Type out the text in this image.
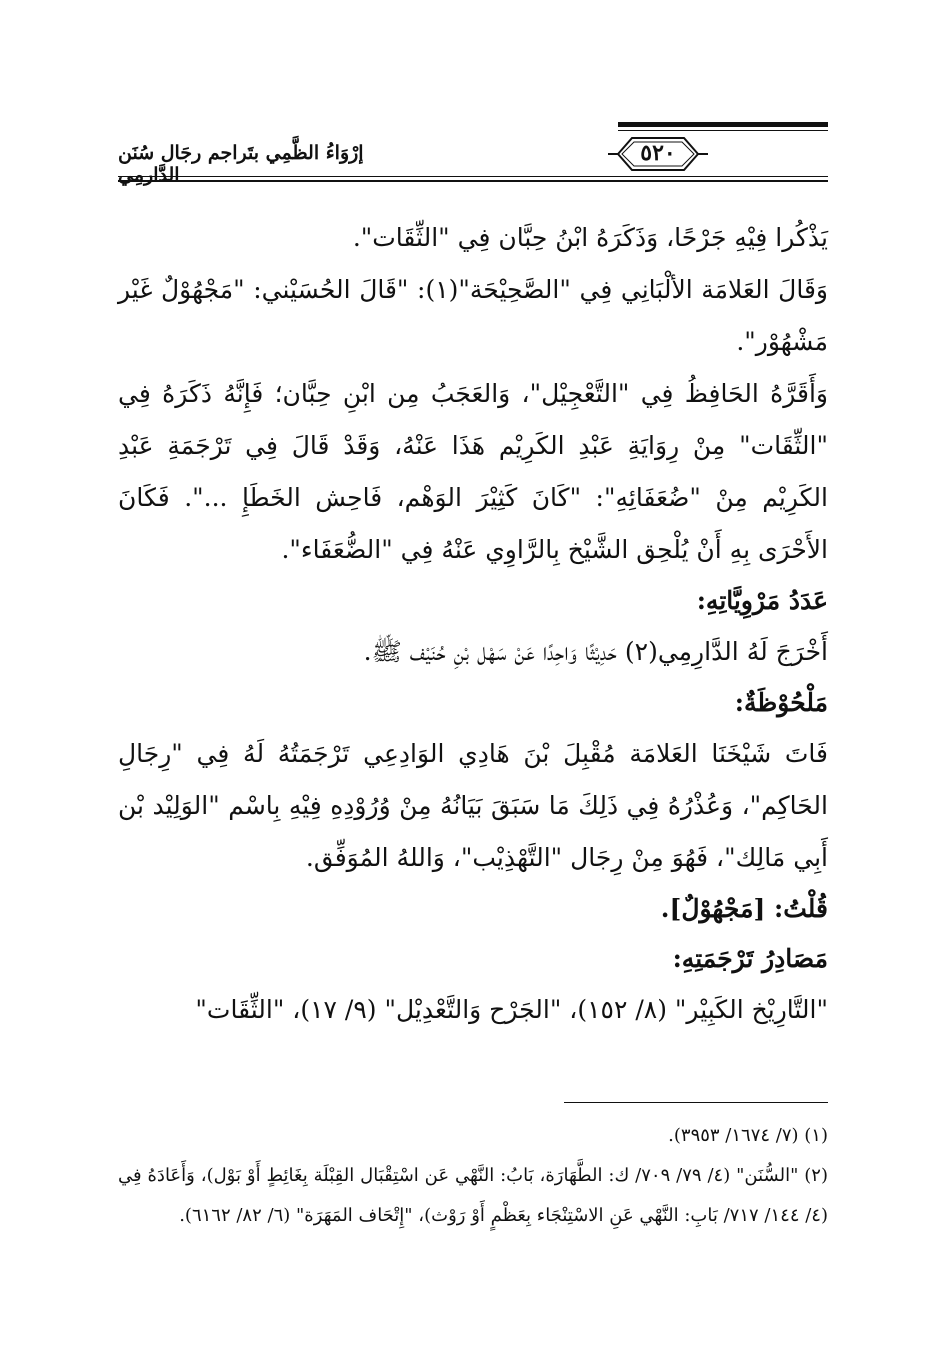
إرْوَاءُ الظَّمِي بتَراجم رجَال سُنَن الدَّارمِي
٥٢٠

يَذْكُرا فِيْهِ جَرْحًا، وَذَكَرَهُ ابْنُ حِبَّان فِي "الثِّقَات".

وَقَالَ العَلامَة الألْبَانِي فِي "الصَّحِيْحَة"(١): "قَالَ الحُسَيْني: "مَجْهُوْلٌ غَيْر مَشْهُوْر".

وَأَقَرَّهُ الحَافِظُ فِي "التَّعْجِيْل"، وَالعَجَبُ مِن ابْنِ حِبَّان؛ فَإِنَّهُ ذَكَرَهُ فِي "الثِّقَات" مِنْ رِوَايَةِ عَبْدِ الكَرِيْم هَذَا عَنْهُ، وَقَدْ قَالَ فِي تَرْجَمَةِ عَبْدِ الكَرِيْم مِنْ "ضُعَفَائِهِ": "كَانَ كَثِيْرَ الوَهْم، فَاحِش الخَطَإِ ...". فَكَانَ الأَحْرَى بِهِ أَنْ يُلْحِق الشَّيْخ بِالرَّاوِي عَنْهُ فِي "الضُّعَفَاء".

عَدَدُ مَرْوِيَّاتِهِ:

أَخْرَجَ لَهُ الدَّارِمِي(٢) حَدِيْثًا وَاحِدًا عَنْ سَهْل بْنِ حُنَيْف ﷺ.

مَلْحُوْظَةٌ:

فَاتَ شَيْخَنَا العَلامَة مُقْبِلَ بْنَ هَادِي الوَادِعِي تَرْجَمَتُهُ لَهُ فِي "رِجَالِ الحَاكِم"، وَعُذْرُهُ فِي ذَلِكَ مَا سَبَقَ بَيَانُهُ مِنْ وُرُوْدِهِ فِيْهِ بِاسْم "الوَلِيْد بْن أَبِي مَالِك"، فَهُوَ مِنْ رِجَال "التَّهْذِيْب"، وَاللهُ المُوَفِّق.

قُلْتُ: [مَجْهُوْلٌ].

مَصَادِرُ تَرْجَمَتِهِ:

"التَّارِيْخ الكَبِيْر" (٨/ ١٥٢)، "الجَرْح وَالتَّعْدِيْل" (٩/ ١٧)، "الثِّقَات"

(١) (٧/ ١٦٧٤/ ٣٩٥٣).

(٢) "السُّنَن" (٤/ ٧٩/ ٧٠٩/ ك: الطَّهَارَة، بَابُ: النَّهْي عَن اسْتِقْبَال القِبْلَة بِغَائِطٍ أَوْ بَوْل)، وَأَعَادَهُ فِي (٤/ ١٤٤/ ٧١٧/ بَابِ: النَّهْي عَنِ الاسْتِنْجَاء بِعَظْمٍ أَوْ رَوْث)، "إِتْحَاف المَهَرَة" (٦/ ٨٢/ ٦١٦٢).
